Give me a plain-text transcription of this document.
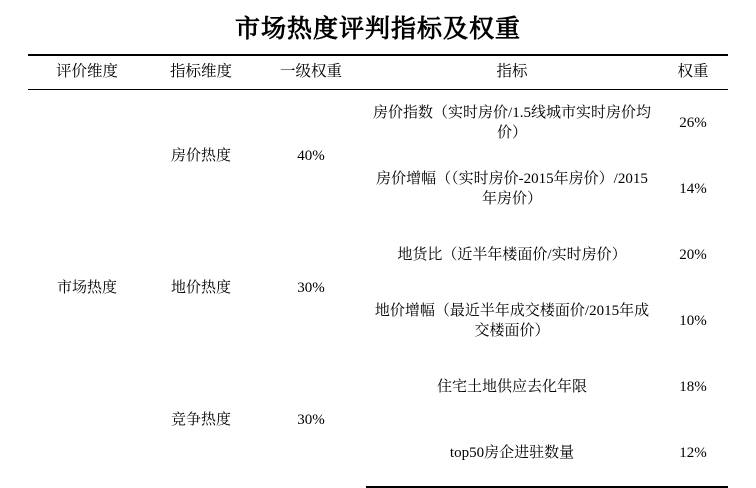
市场热度评判指标及权重
评价维度	指标维度	一级权重	指标	权重
市场热度	房价热度	40%	房价指数（实时房价/1.5线城市实时房价均价）	26%
			房价增幅（（实时房价-2015年房价）/2015年房价）	14%
	地价热度	30%	地货比（近半年楼面价/实时房价）	20%
			地价增幅（最近半年成交楼面价/2015年成交楼面价）	10%
	竞争热度	30%	住宅土地供应去化年限	18%
			top50房企进驻数量	12%
